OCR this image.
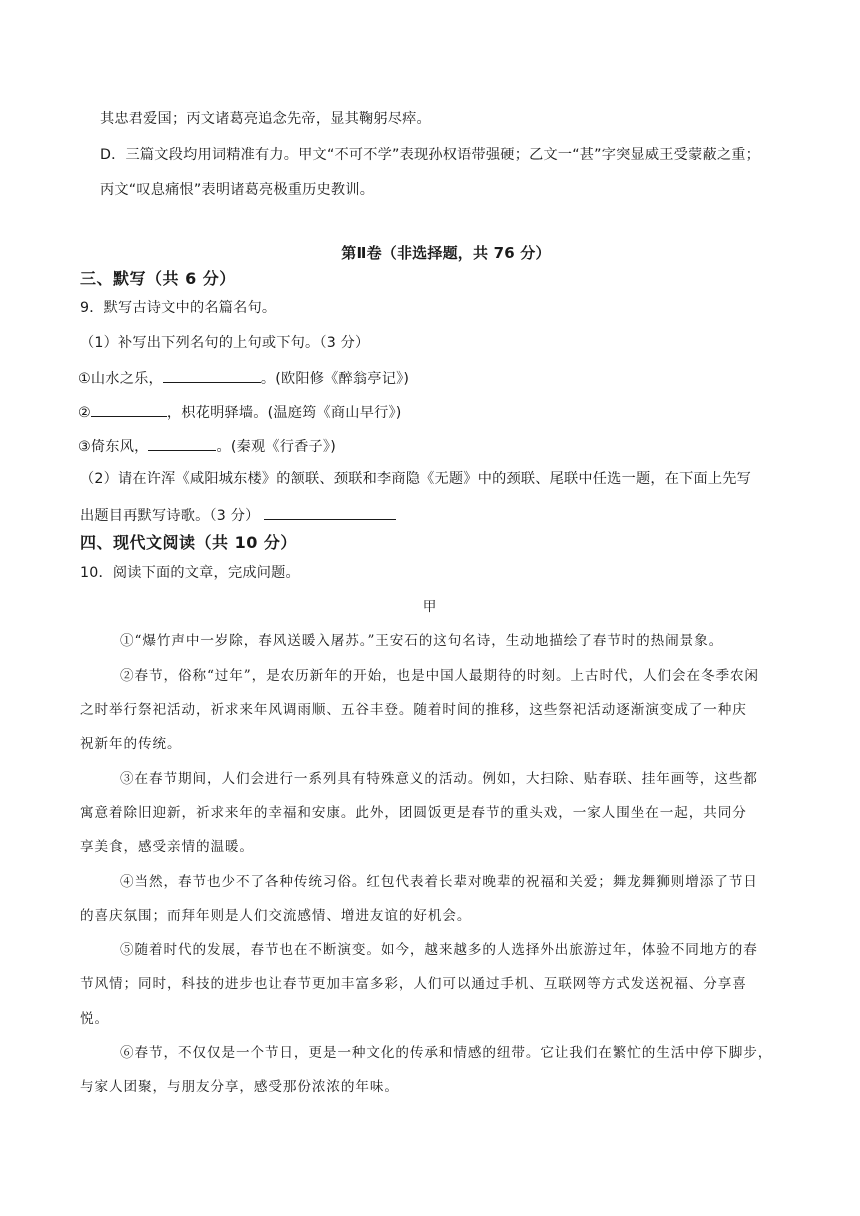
其忠君爱国；丙文诸葛亮追念先帝，显其鞠躬尽瘁。
D．三篇文段均用词精准有力。甲文“不可不学”表现孙权语带强硬；乙文一“甚”字突显威王受蒙蔽之重；
丙文“叹息痛恨”表明诸葛亮极重历史教训。
第Ⅱ卷（非选择题，共 76 分）
三、默写（共 6 分）
9．默写古诗文中的名篇名句。
（1）补写出下列名句的上句或下句。（3 分）
①山水之乐，	。(欧阳修《醉翁亭记》)
②	，枳花明驿墙。(温庭筠《商山早行》)
③倚东风，	。(秦观《行香子》)
（2）请在许浑《咸阳城东楼》的颔联、颈联和李商隐《无题》中的颈联、尾联中任选一题，在下面上先写
出题目再默写诗歌。（3 分）
四、现代文阅读（共 10 分）
10．阅读下面的文章，完成问题。
甲
①“爆竹声中一岁除，春风送暖入屠苏。”王安石的这句名诗，生动地描绘了春节时的热闹景象。
②春节，俗称“过年”，是农历新年的开始，也是中国人最期待的时刻。上古时代，人们会在冬季农闲
之时举行祭祀活动，祈求来年风调雨顺、五谷丰登。随着时间的推移，这些祭祀活动逐渐演变成了一种庆
祝新年的传统。
③在春节期间，人们会进行一系列具有特殊意义的活动。例如，大扫除、贴春联、挂年画等，这些都
寓意着除旧迎新，祈求来年的幸福和安康。此外，团圆饭更是春节的重头戏，一家人围坐在一起，共同分
享美食，感受亲情的温暖。
④当然，春节也少不了各种传统习俗。红包代表着长辈对晚辈的祝福和关爱；舞龙舞狮则增添了节日
的喜庆氛围；而拜年则是人们交流感情、增进友谊的好机会。
⑤随着时代的发展，春节也在不断演变。如今，越来越多的人选择外出旅游过年，体验不同地方的春
节风情；同时，科技的进步也让春节更加丰富多彩，人们可以通过手机、互联网等方式发送祝福、分享喜
悦。
⑥春节，不仅仅是一个节日，更是一种文化的传承和情感的纽带。它让我们在繁忙的生活中停下脚步，
与家人团聚，与朋友分享，感受那份浓浓的年味。
